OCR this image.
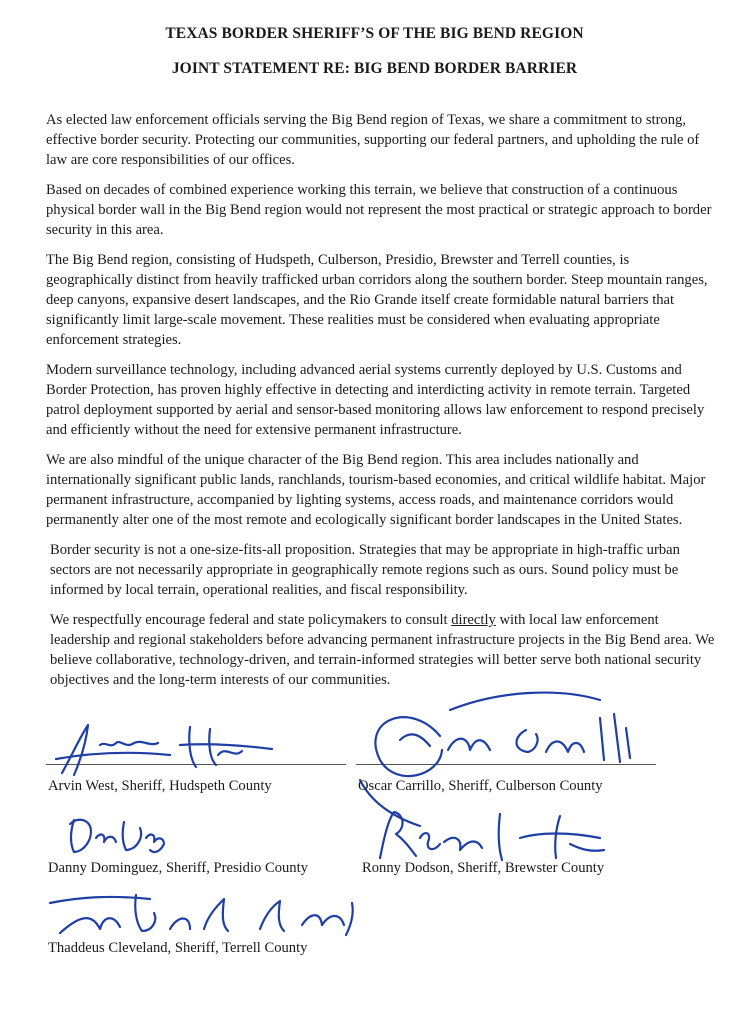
TEXAS BORDER SHERIFF’S OF THE BIG BEND REGION
JOINT STATEMENT RE: BIG BEND BORDER BARRIER

As elected law enforcement officials serving the Big Bend region of Texas, we share a commitment to strong, effective border security. Protecting our communities, supporting our federal partners, and upholding the rule of law are core responsibilities of our offices.

Based on decades of combined experience working this terrain, we believe that construction of a continuous physical border wall in the Big Bend region would not represent the most practical or strategic approach to border security in this area.

The Big Bend region, consisting of Hudspeth, Culberson, Presidio, Brewster and Terrell counties, is geographically distinct from heavily trafficked urban corridors along the southern border. Steep mountain ranges, deep canyons, expansive desert landscapes, and the Rio Grande itself create formidable natural barriers that significantly limit large-scale movement. These realities must be considered when evaluating appropriate enforcement strategies.

Modern surveillance technology, including advanced aerial systems currently deployed by U.S. Customs and Border Protection, has proven highly effective in detecting and interdicting activity in remote terrain. Targeted patrol deployment supported by aerial and sensor-based monitoring allows law enforcement to respond precisely and efficiently without the need for extensive permanent infrastructure.

We are also mindful of the unique character of the Big Bend region. This area includes nationally and internationally significant public lands, ranchlands, tourism-based economies, and critical wildlife habitat. Major permanent infrastructure, accompanied by lighting systems, access roads, and maintenance corridors would permanently alter one of the most remote and ecologically significant border landscapes in the United States.

Border security is not a one-size-fits-all proposition. Strategies that may be appropriate in high-traffic urban sectors are not necessarily appropriate in geographically remote regions such as ours. Sound policy must be informed by local terrain, operational realities, and fiscal responsibility.

We respectfully encourage federal and state policymakers to consult directly with local law enforcement leadership and regional stakeholders before advancing permanent infrastructure projects in the Big Bend area. We believe collaborative, technology-driven, and terrain-informed strategies will better serve both national security objectives and the long-term interests of our communities.

Arvin West, Sheriff, Hudspeth County	Oscar Carrillo, Sheriff, Culberson County
Danny Dominguez, Sheriff, Presidio County	Ronny Dodson, Sheriff, Brewster County
Thaddeus Cleveland, Sheriff, Terrell County
